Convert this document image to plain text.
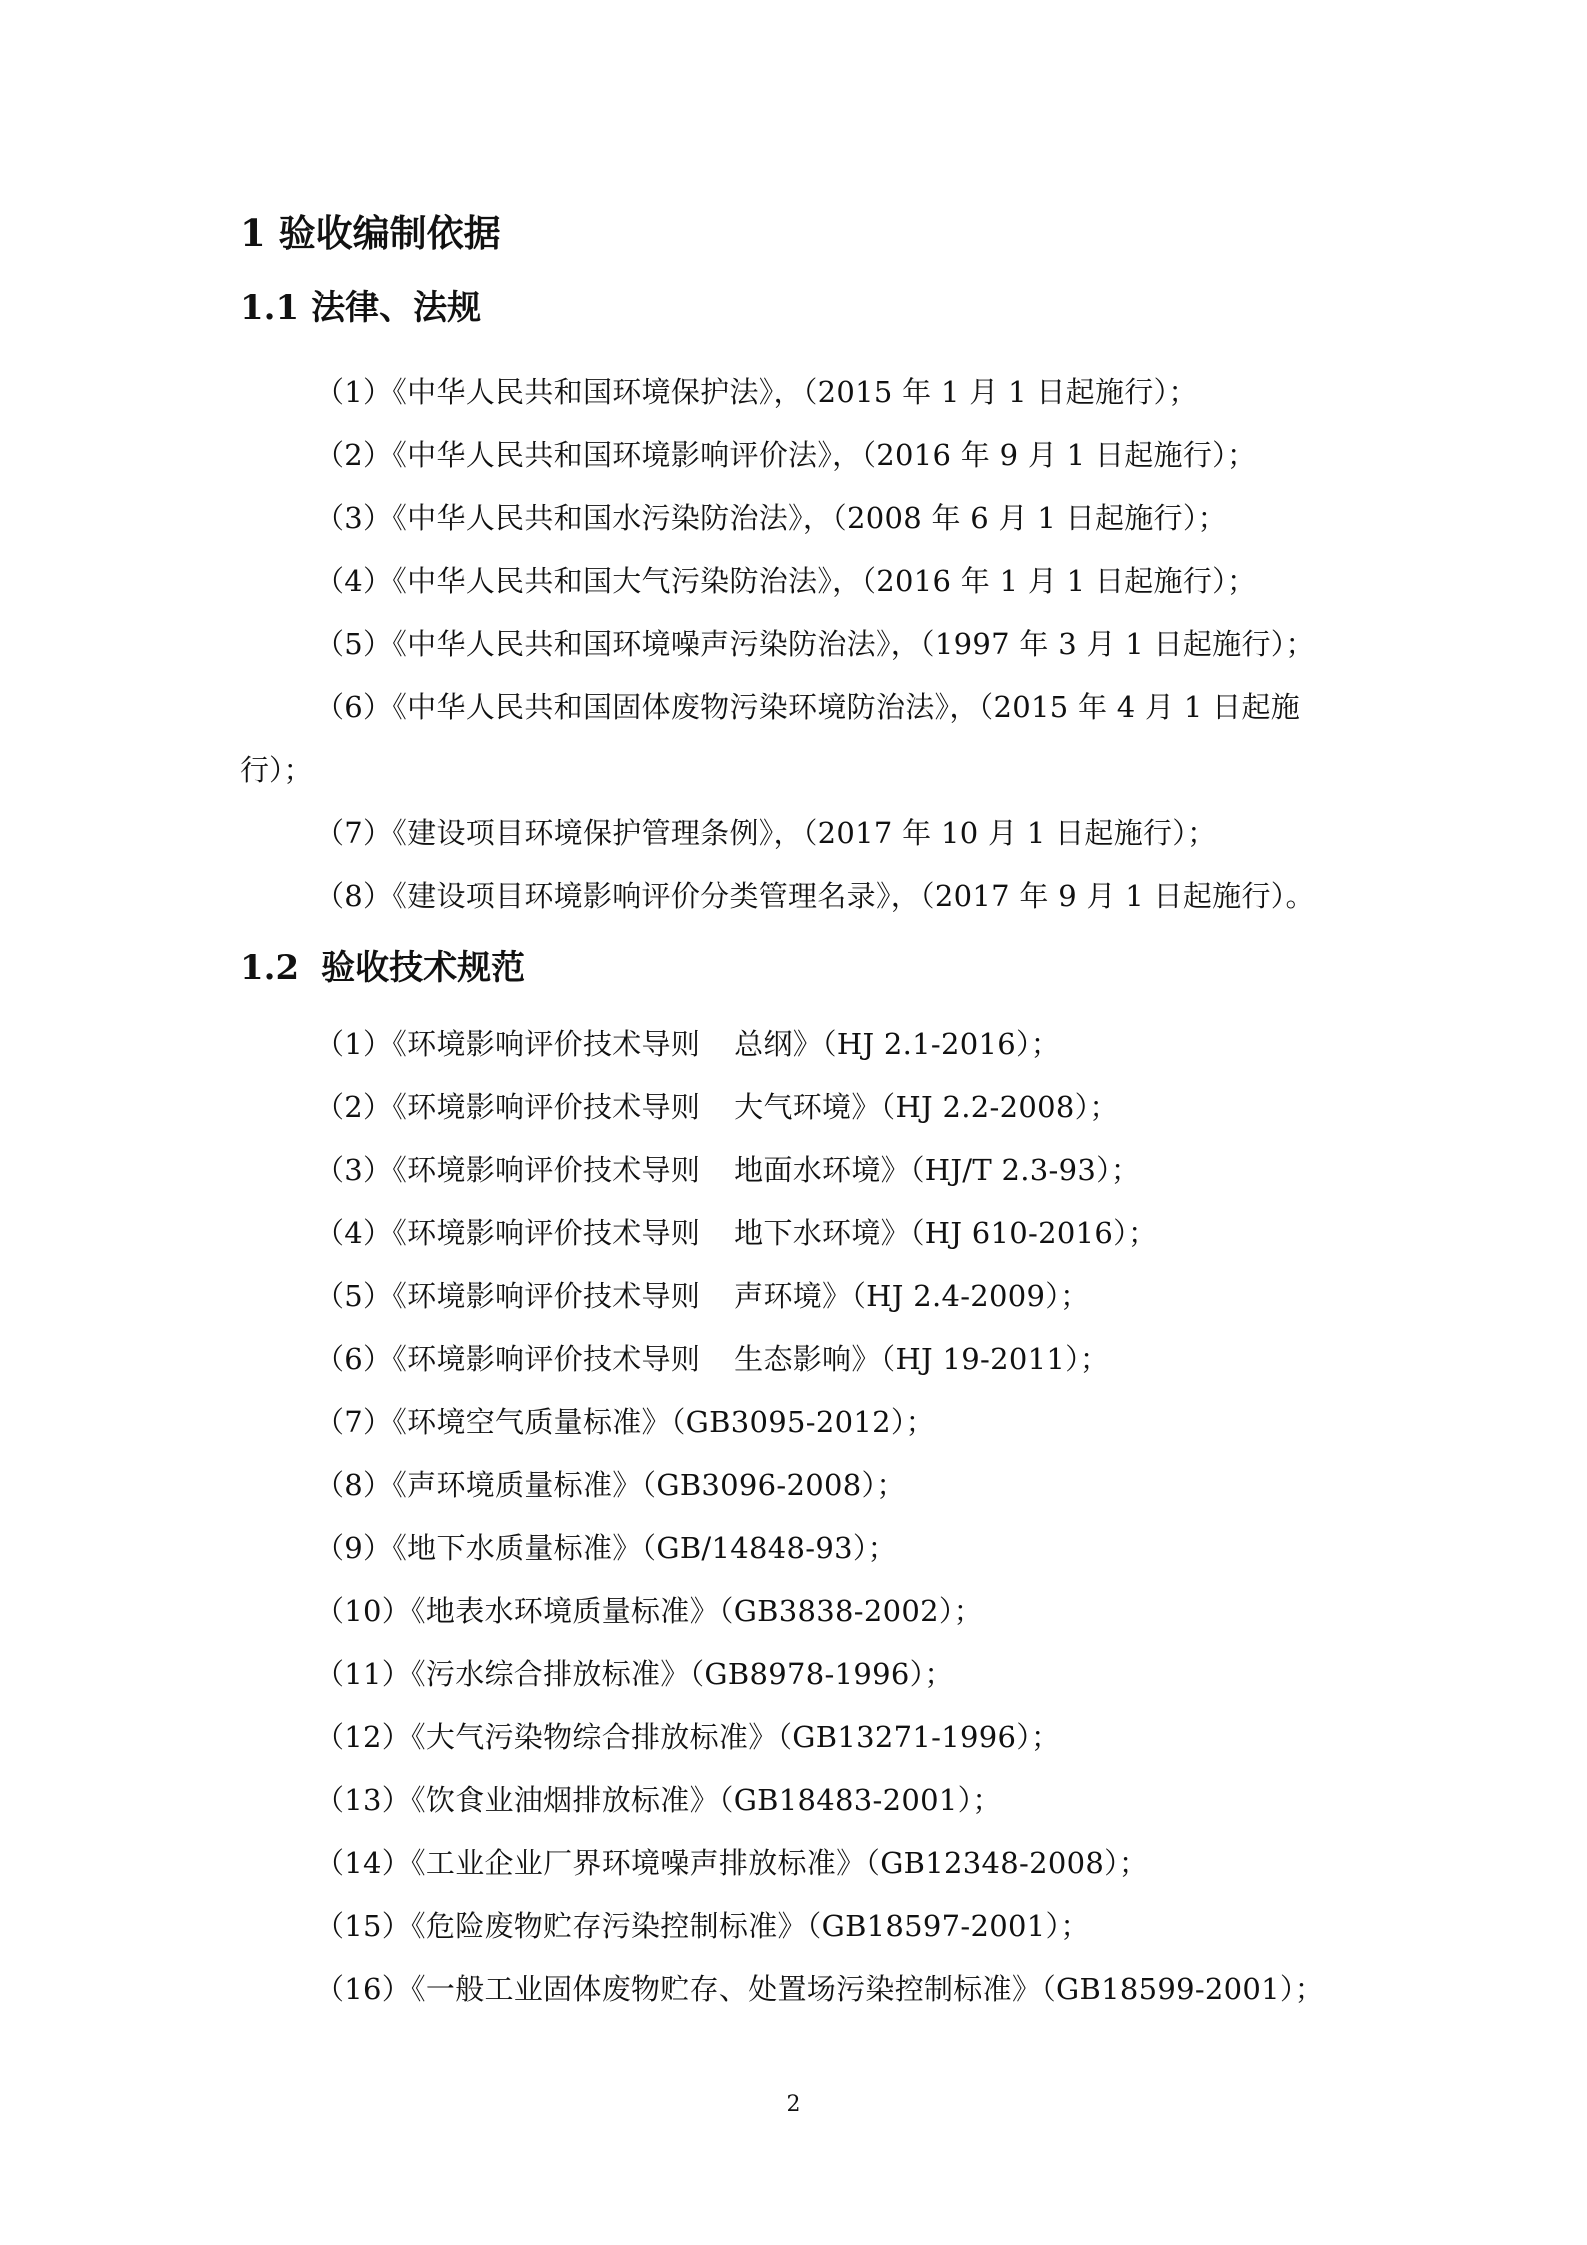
1 验收编制依据
1.1 法律、法规
（1）《中华人民共和国环境保护法》，（2015 年 1 月 1 日起施行）；
（2）《中华人民共和国环境影响评价法》，（2016 年 9 月 1 日起施行）；
（3）《中华人民共和国水污染防治法》，（2008 年 6 月 1 日起施行）；
（4）《中华人民共和国大气污染防治法》，（2016 年 1 月 1 日起施行）；
（5）《中华人民共和国环境噪声污染防治法》，（1997 年 3 月 1 日起施行）；
（6）《中华人民共和国固体废物污染环境防治法》，（2015 年 4 月 1 日起施
行）；
（7）《建设项目环境保护管理条例》，（2017 年 10 月 1 日起施行）；
（8）《建设项目环境影响评价分类管理名录》，（2017 年 9 月 1 日起施行）。
1.2 验收技术规范
（1）《环境影响评价技术导则 总纲》（HJ 2.1-2016）；
（2）《环境影响评价技术导则 大气环境》（HJ 2.2-2008）；
（3）《环境影响评价技术导则 地面水环境》（HJ/T 2.3-93）；
（4）《环境影响评价技术导则 地下水环境》（HJ 610-2016）；
（5）《环境影响评价技术导则 声环境》（HJ 2.4-2009）；
（6）《环境影响评价技术导则 生态影响》（HJ 19-2011）；
（7）《环境空气质量标准》（GB3095-2012）；
（8）《声环境质量标准》（GB3096-2008）；
（9）《地下水质量标准》（GB/14848-93）；
（10）《地表水环境质量标准》（GB3838-2002）；
（11）《污水综合排放标准》（GB8978-1996）；
（12）《大气污染物综合排放标准》（GB13271-1996）；
（13）《饮食业油烟排放标准》（GB18483-2001）；
（14）《工业企业厂界环境噪声排放标准》（GB12348-2008）；
（15）《危险废物贮存污染控制标准》（GB18597-2001）；
（16）《一般工业固体废物贮存、处置场污染控制标准》（GB18599-2001）；
2
